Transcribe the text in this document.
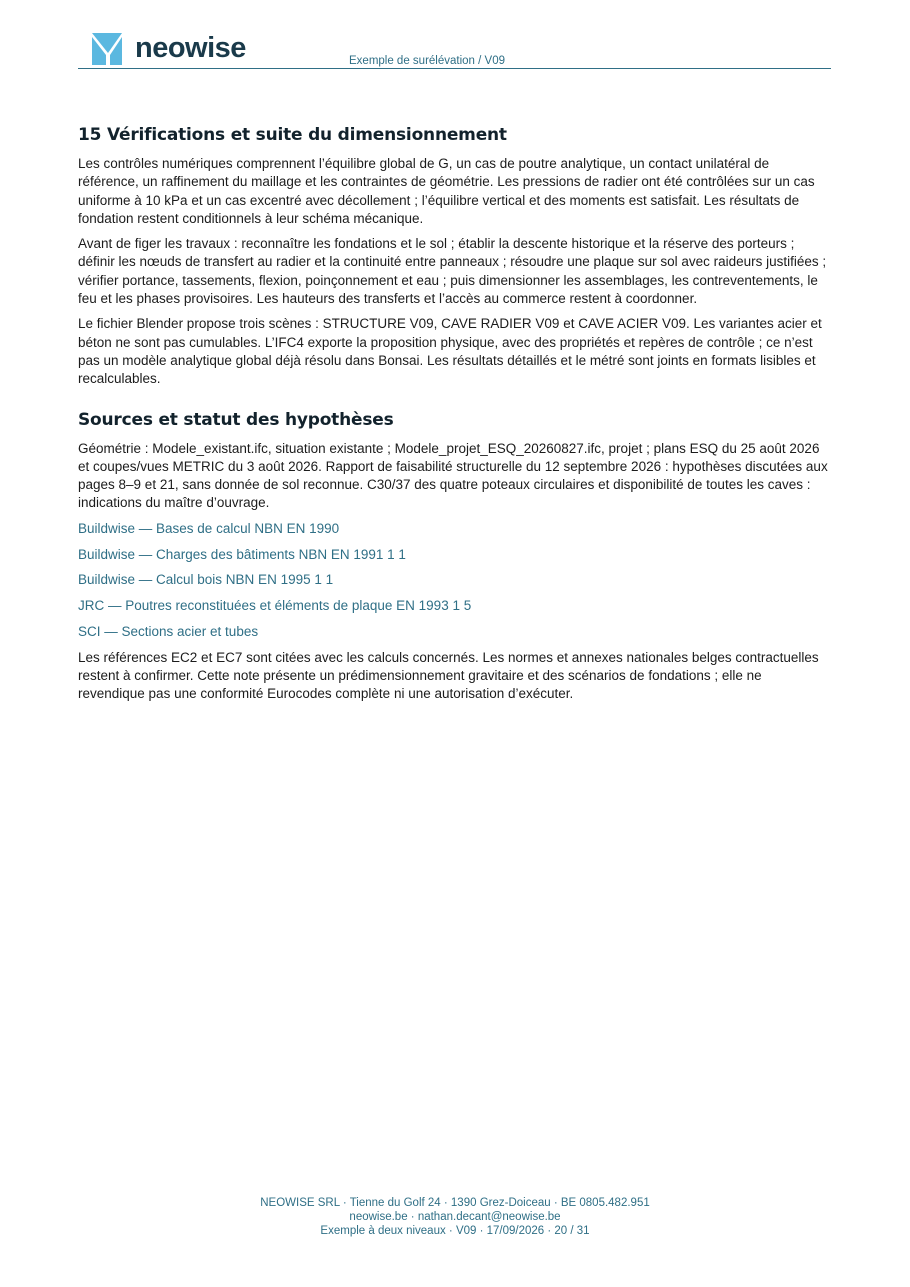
neowise	Exemple de surélévation / V09
15 Vérifications et suite du dimensionnement

Les contrôles numériques comprennent l’équilibre global de G, un cas de poutre analytique, un contact unilatéral de référence, un raffinement du maillage et les contraintes de géométrie. Les pressions de radier ont été contrôlées sur un cas uniforme à 10 kPa et un cas excentré avec décollement ; l’équilibre vertical et des moments est satisfait. Les résultats de fondation restent conditionnels à leur schéma mécanique.

Avant de figer les travaux : reconnaître les fondations et le sol ; établir la descente historique et la réserve des porteurs ; définir les nœuds de transfert au radier et la continuité entre panneaux ; résoudre une plaque sur sol avec raideurs justifiées ; vérifier portance, tassements, flexion, poinçonnement et eau ; puis dimensionner les assemblages, les contreventements, le feu et les phases provisoires. Les hauteurs des transferts et l’accès au commerce restent à coordonner.

Le fichier Blender propose trois scènes : STRUCTURE V09, CAVE RADIER V09 et CAVE ACIER V09. Les variantes acier et béton ne sont pas cumulables. L’IFC4 exporte la proposition physique, avec des propriétés et repères de contrôle ; ce n’est pas un modèle analytique global déjà résolu dans Bonsai. Les résultats détaillés et le métré sont joints en formats lisibles et recalculables.

Sources et statut des hypothèses

Géométrie : Modele_existant.ifc, situation existante ; Modele_projet_ESQ_20260827.ifc, projet ; plans ESQ du 25 août 2026 et coupes/vues METRIC du 3 août 2026. Rapport de faisabilité structurelle du 12 septembre 2026 : hypothèses discutées aux pages 8–9 et 21, sans donnée de sol reconnue. C30/37 des quatre poteaux circulaires et disponibilité de toutes les caves : indications du maître d’ouvrage.

Buildwise — Bases de calcul NBN EN 1990
Buildwise — Charges des bâtiments NBN EN 1991 1 1
Buildwise — Calcul bois NBN EN 1995 1 1
JRC — Poutres reconstituées et éléments de plaque EN 1993 1 5
SCI — Sections acier et tubes

Les références EC2 et EC7 sont citées avec les calculs concernés. Les normes et annexes nationales belges contractuelles restent à confirmer. Cette note présente un prédimensionnement gravitaire et des scénarios de fondations ; elle ne revendique pas une conformité Eurocodes complète ni une autorisation d’exécuter.

NEOWISE SRL · Tienne du Golf 24 · 1390 Grez-Doiceau · BE 0805.482.951
neowise.be · nathan.decant@neowise.be
Exemple à deux niveaux · V09 · 17/09/2026 · 20 / 31
